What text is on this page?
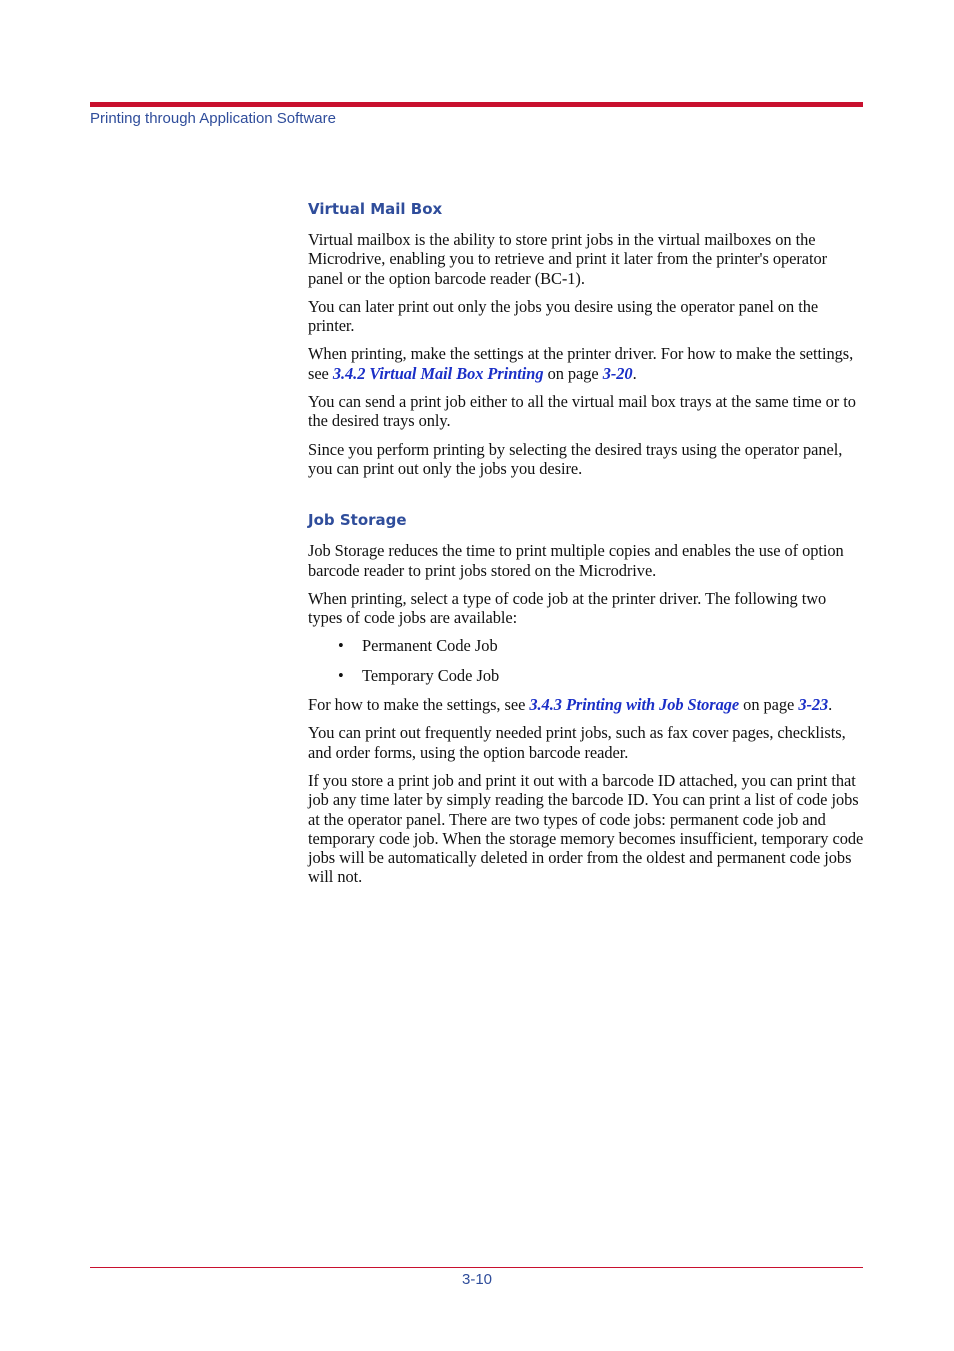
Printing through Application Software
Virtual Mail Box

Virtual mailbox is the ability to store print jobs in the virtual mailboxes on the Microdrive, enabling you to retrieve and print it later from the printer's operator panel or the option barcode reader (BC-1).

You can later print out only the jobs you desire using the operator panel on the printer.

When printing, make the settings at the printer driver. For how to make the settings, see 3.4.2 Virtual Mail Box Printing on page 3-20.

You can send a print job either to all the virtual mail box trays at the same time or to the desired trays only.

Since you perform printing by selecting the desired trays using the operator panel, you can print out only the jobs you desire.

Job Storage

Job Storage reduces the time to print multiple copies and enables the use of option barcode reader to print jobs stored on the Microdrive.

When printing, select a type of code job at the printer driver. The following two types of code jobs are available:

• Permanent Code Job
• Temporary Code Job

For how to make the settings, see 3.4.3 Printing with Job Storage on page 3-23.

You can print out frequently needed print jobs, such as fax cover pages, checklists, and order forms, using the option barcode reader.

If you store a print job and print it out with a barcode ID attached, you can print that job any time later by simply reading the barcode ID. You can print a list of code jobs at the operator panel. There are two types of code jobs: permanent code job and temporary code job. When the storage memory becomes insufficient, temporary code jobs will be automatically deleted in order from the oldest and permanent code jobs will not.

3-10
